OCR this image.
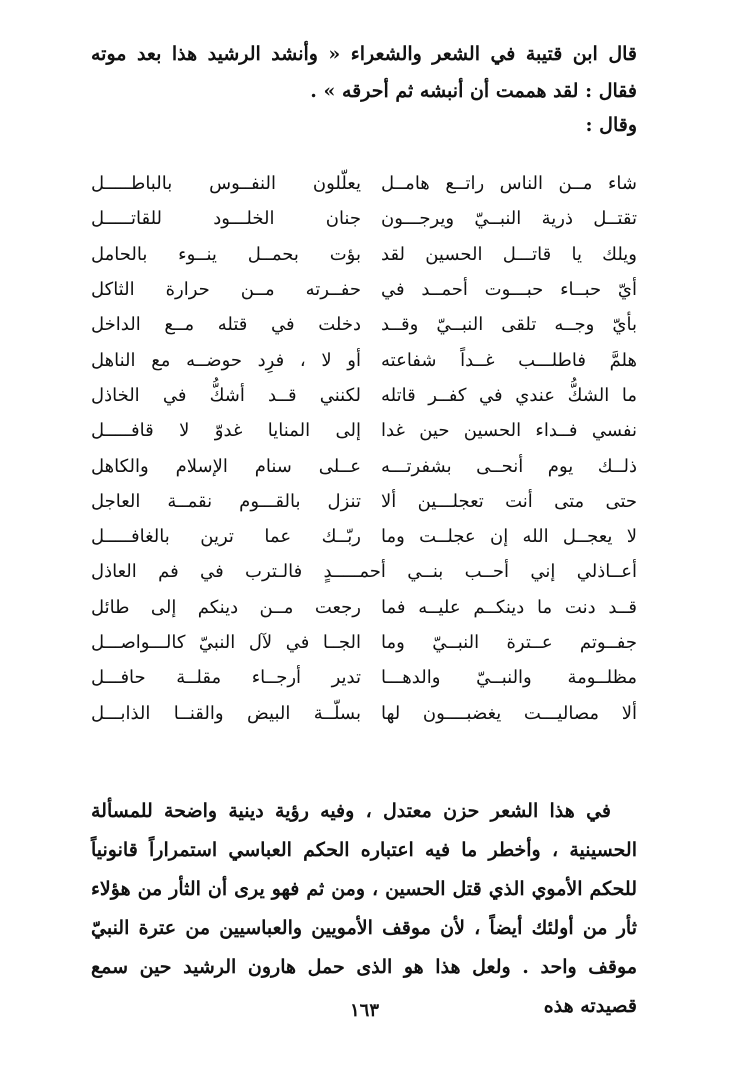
قال ابن قتيبة في الشعر والشعراء « وأنشد الرشيد هذا بعد موته فقال : لقد هممت أن أنبشه ثم أحرقه » .

وقال :

شاء مــن الناس راتــع هامــل
يعلّلون النفــوس بالباطـــــل
تقتــل ذرية النبــيّ ويرجـــون
جنان الخلـــود للقاتـــــل
ويلك يا قاتـــل الحسين لقد
بؤت بحمــل ينــوء بالحامل
أيّ حبــاء حبـــوت أحمــد في
حفــرته مــن حرارة الثاكل
بأيّ وجــه تلقى النبــيّ وقــد
دخلت في قتله مــع الداخل
هلمَّ فاطلـــب غــداً شفاعته
أو لا ، فرِد حوضــه مع الناهل
ما الشكُّ عندي في كفــر قاتله
لكنني قــد أشكُّ في الخاذل
نفسي فــداء الحسين حين غدا
إلى المنايا غدوّ لا قافـــــل
ذلــك يوم أنحــى بشفرتـــه
عــلى سنام الإسلام والكاهل
حتى متى أنت تعجلـــين ألا
تنزل بالقـــوم نقمــة العاجل
لا يعجــل الله إن عجلــت وما
ربّــك عما ترين بالغافـــــل
أعــاذلي إني أحــب بنــي أحمـــــدٍ فالـترب في فم العاذل
قــد دنت ما دينكــم عليــه فما
رجعت مــن دينكم إلى طائل
جفــوتم عــترة النبــيّ وما
الجــا في لآل النبيّ كالـــواصـــل
مظلــومة والنبــيّ والدهـــا
تدير أرجــاء مقلــة حافـــل
ألا مصاليـــت يغضبــــون لها
بسلّــة البيض والقنــا الذابـــل

في هذا الشعر حزن معتدل ، وفيه رؤية دينية واضحة للمسألة الحسينية ، وأخطر ما فيه اعتباره الحكم العباسي استمراراً قانونياً للحكم الأموي الذي قتل الحسين ، ومن ثم فهو يرى أن الثأر من هؤلاء ثأر من أولئك أيضاً ، لأن موقف الأمويين والعباسيين من عترة النبيّ موقف واحد . ولعل هذا هو الذى حمل هارون الرشيد حين سمع قصيدته هذه

١٦٣
